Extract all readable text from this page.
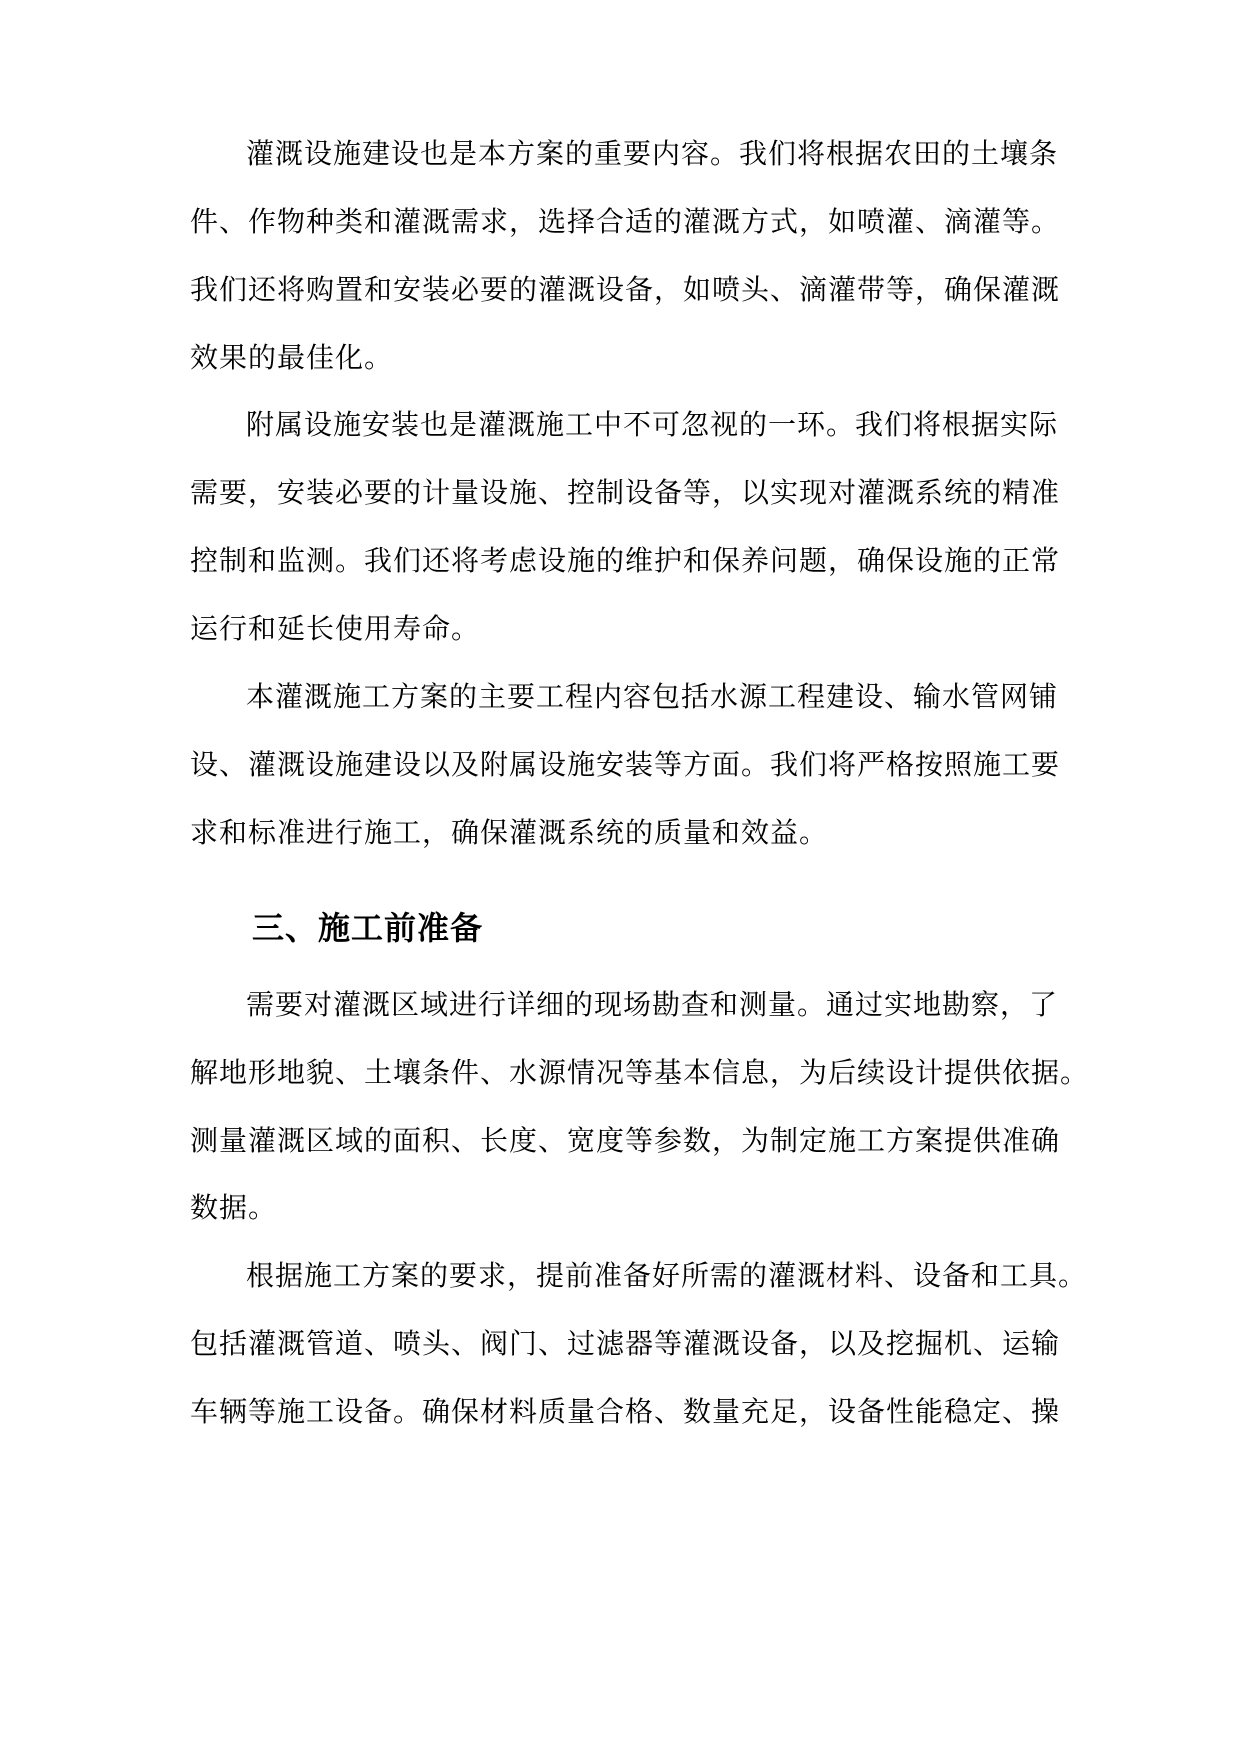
灌溉设施建设也是本方案的重要内容。我们将根据农田的土壤条
件、作物种类和灌溉需求，选择合适的灌溉方式，如喷灌、滴灌等。
我们还将购置和安装必要的灌溉设备，如喷头、滴灌带等，确保灌溉
效果的最佳化。
附属设施安装也是灌溉施工中不可忽视的一环。我们将根据实际
需要，安装必要的计量设施、控制设备等，以实现对灌溉系统的精准
控制和监测。我们还将考虑设施的维护和保养问题，确保设施的正常
运行和延长使用寿命。
本灌溉施工方案的主要工程内容包括水源工程建设、输水管网铺
设、灌溉设施建设以及附属设施安装等方面。我们将严格按照施工要
求和标准进行施工，确保灌溉系统的质量和效益。
三、施工前准备
需要对灌溉区域进行详细的现场勘查和测量。通过实地勘察，了
解地形地貌、土壤条件、水源情况等基本信息，为后续设计提供依据。
测量灌溉区域的面积、长度、宽度等参数，为制定施工方案提供准确
数据。
根据施工方案的要求，提前准备好所需的灌溉材料、设备和工具。
包括灌溉管道、喷头、阀门、过滤器等灌溉设备，以及挖掘机、运输
车辆等施工设备。确保材料质量合格、数量充足，设备性能稳定、操
